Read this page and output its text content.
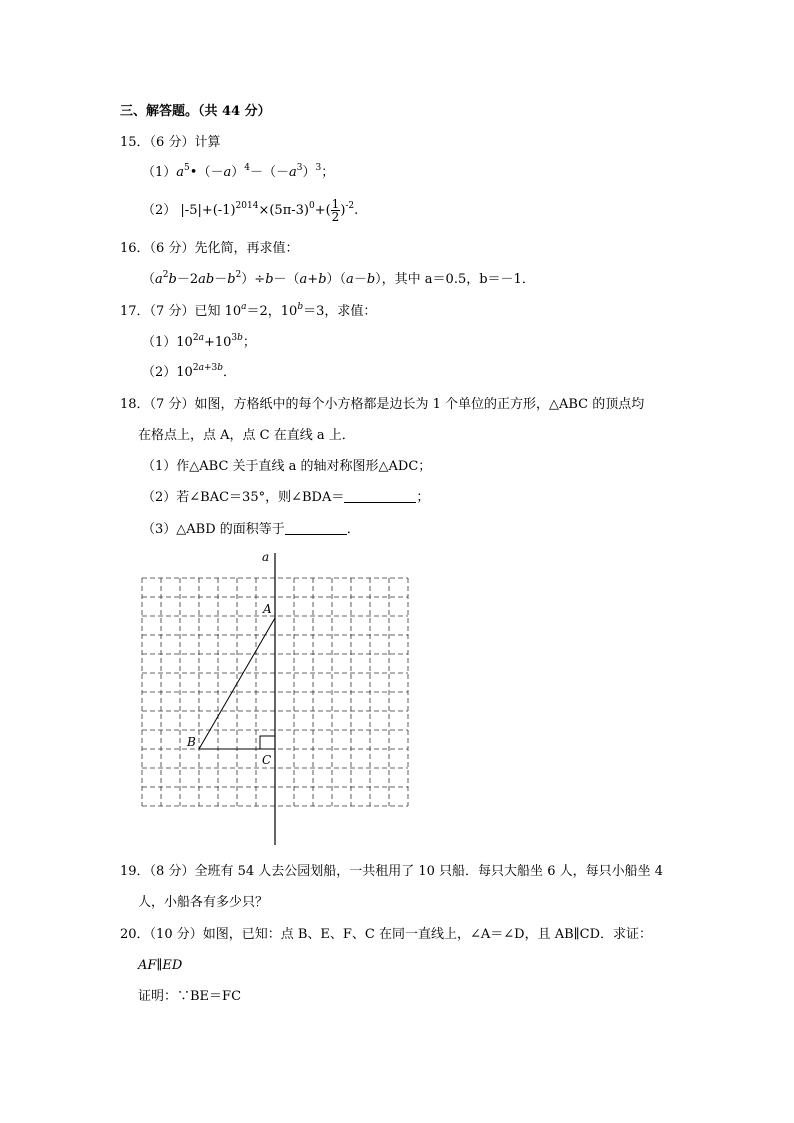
三、解答题。（共 44 分）
15．（6 分）计算
$(1)a^5•(-a)^4-(-a^3)^3$；
（2） $|-5|+(-1)^{2014}\times(5\pi-3)^0+( \frac{1}{2} )^{-2}$.
16．（6 分）先化简，再求值：
$(a^2b-2ab-b^2)\div b-(a+b)(a-b)$，其中 a＝0.5，b＝－1．
17．（7 分）已知 $10^a=2$，$10^b=3$，求值：
$(1)10^{2a}+10^{3b}$；
$(2)10^{2a+3b}$．
18．（7 分）如图，方格纸中的每个小方格都是边长为 1 个单位的正方形，△ABC 的顶点均
在格点上，点 A，点 C 在直线 a 上．
（1）作△ABC 关于直线 a 的轴对称图形△ADC；
（2）若∠BAC＝35°，则∠BDA＝	；
（3）△ABD 的面积等于	．
a
A
B
C
19．（8 分）全班有 54 人去公园划船，一共租用了 10 只船．每只大船坐 6 人，每只小船坐 4
人，小船各有多少只？
20．（10 分）如图，已知：点 B、E、F、C 在同一直线上，∠A＝∠D，且 AB∥CD．求证：
AF∥ED
证明：∵BE＝FC
